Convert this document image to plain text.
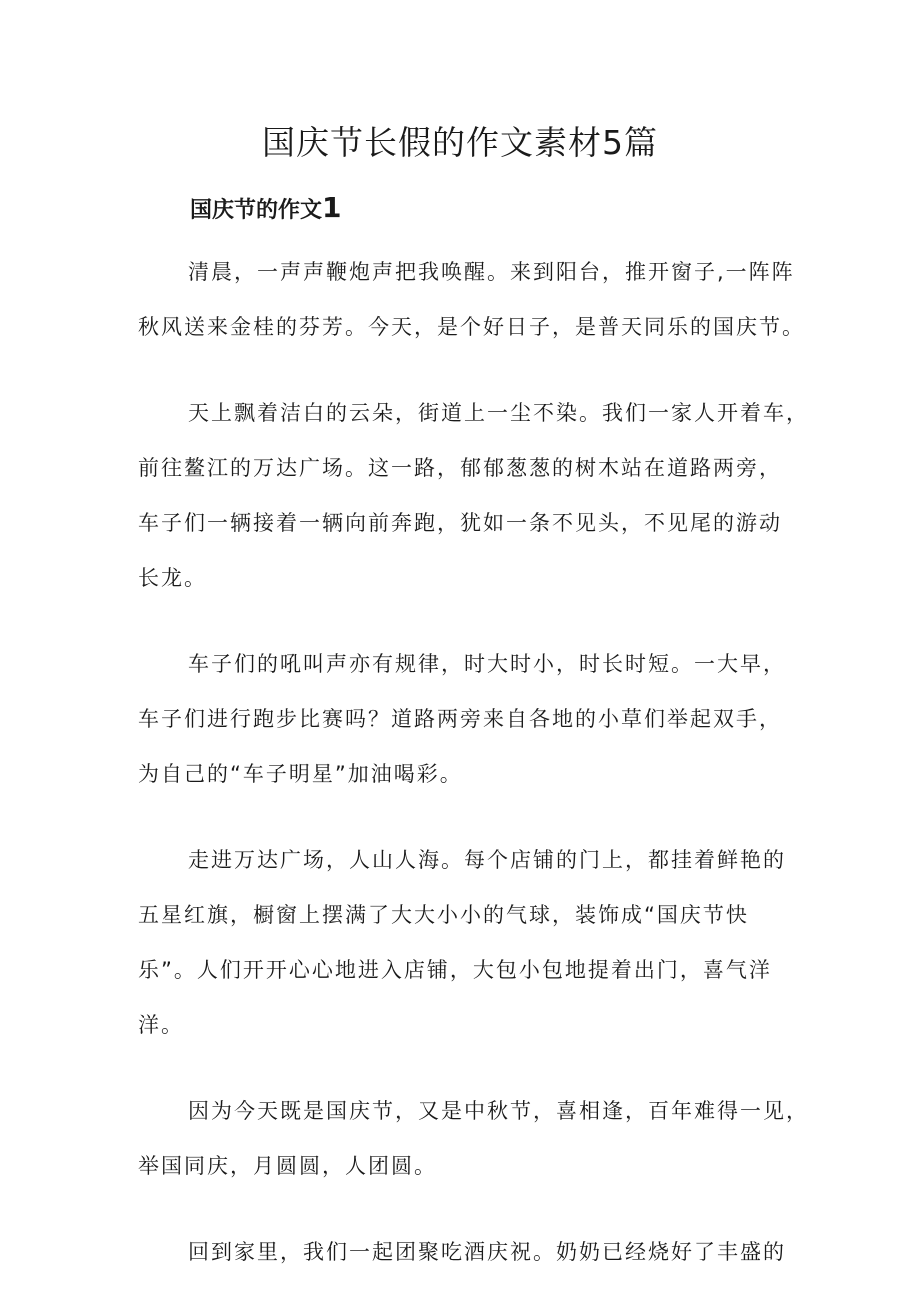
国庆节长假的作文素材5篇
国庆节的作文1

清晨，一声声鞭炮声把我唤醒。来到阳台，推开窗子,一阵阵
秋风送来金桂的芬芳。今天，是个好日子，是普天同乐的国庆节。

天上飘着洁白的云朵，街道上一尘不染。我们一家人开着车，
前往鳌江的万达广场。这一路，郁郁葱葱的树木站在道路两旁，
车子们一辆接着一辆向前奔跑，犹如一条不见头，不见尾的游动
长龙。

车子们的吼叫声亦有规律，时大时小，时长时短。一大早，
车子们进行跑步比赛吗？道路两旁来自各地的小草们举起双手，
为自己的“车子明星”加油喝彩。

走进万达广场，人山人海。每个店铺的门上，都挂着鲜艳的
五星红旗，橱窗上摆满了大大小小的气球，装饰成“国庆节快
乐”。人们开开心心地进入店铺，大包小包地提着出门，喜气洋
洋。

因为今天既是国庆节，又是中秋节，喜相逢，百年难得一见，
举国同庆，月圆圆，人团圆。

回到家里，我们一起团聚吃酒庆祝。奶奶已经烧好了丰盛的
